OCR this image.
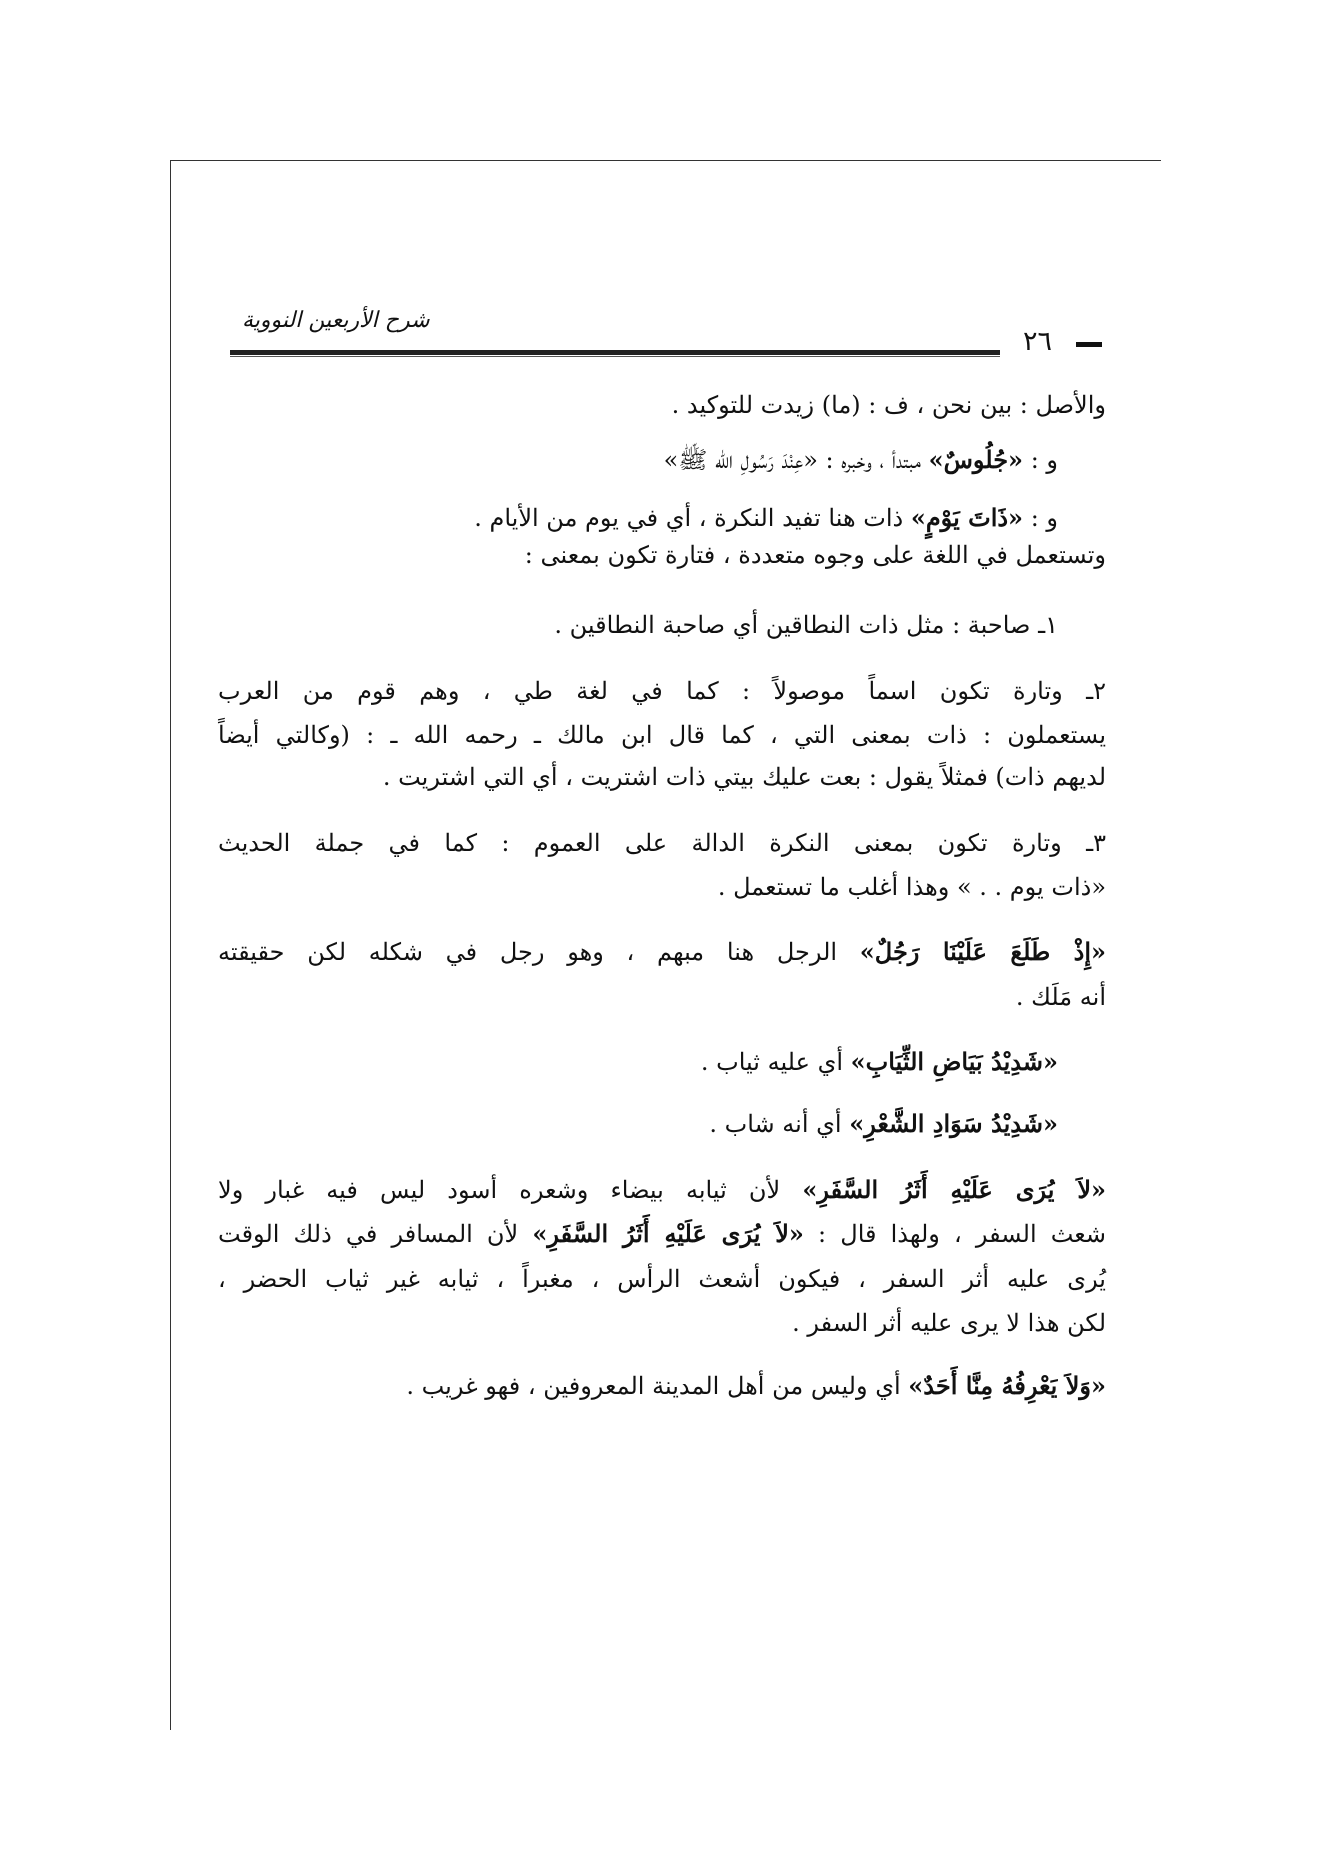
شرح الأربعين النووية
٢٦
والأصل : بين نحن ، ف : (ما) زيدت للتوكيد .
و : «جُلُوسٌ» مبتدأ ، وخبره : «عِنْدَ رَسُولِ الله ﷺ»
و : «ذَاتَ يَوْمٍ» ذات هنا تفيد النكرة ، أي في يوم من الأيام .
وتستعمل في اللغة على وجوه متعددة ، فتارة تكون بمعنى :
١ـ صاحبة : مثل ذات النطاقين أي صاحبة النطاقين .
٢ـ وتارة تكون اسماً موصولاً : كما في لغة طي ، وهم قوم من العرب
يستعملون : ذات بمعنى التي ، كما قال ابن مالك ـ رحمه الله ـ : (وكالتي أيضاً
لديهم ذات) فمثلاً يقول : بعت عليك بيتي ذات اشتريت ، أي التي اشتريت .
٣ـ وتارة تكون بمعنى النكرة الدالة على العموم : كما في جملة الحديث
«ذات يوم . . » وهذا أغلب ما تستعمل .
«إِذْ طَلَعَ عَلَيْنَا رَجُلٌ» الرجل هنا مبهم ، وهو رجل في شكله لكن حقيقته
أنه مَلَك .
«شَدِيْدُ بَيَاضِ الثِّيَابِ» أي عليه ثياب .
«شَدِيْدُ سَوَادِ الشَّعْرِ» أي أنه شاب .
«لاَ يُرَى عَلَيْهِ أَثَرُ السَّفَرِ» لأن ثيابه بيضاء وشعره أسود ليس فيه غبار ولا
شعث السفر ، ولهذا قال : «لاَ يُرَى عَلَيْهِ أَثَرُ السَّفَرِ» لأن المسافر في ذلك الوقت
يُرى عليه أثر السفر ، فيكون أشعث الرأس ، مغبراً ، ثيابه غير ثياب الحضر ،
لكن هذا لا يرى عليه أثر السفر .
«وَلاَ يَعْرِفُهُ مِنَّا أَحَدٌ» أي وليس من أهل المدينة المعروفين ، فهو غريب .
